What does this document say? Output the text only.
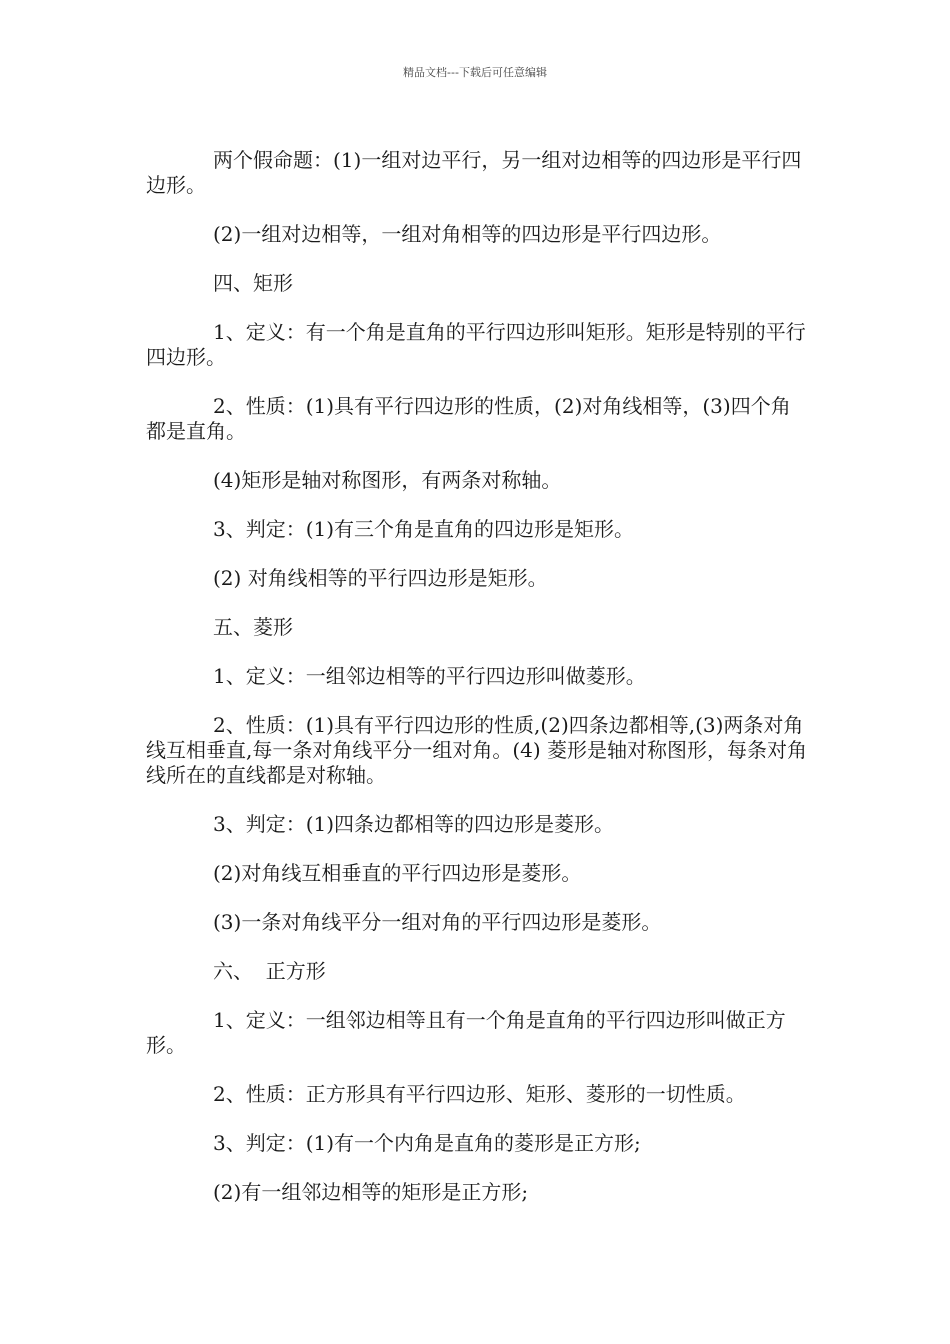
精品文档---下载后可任意编辑

两个假命题：(1)一组对边平行，另一组对边相等的四边形是平行四边形。

(2)一组对边相等，一组对角相等的四边形是平行四边形。

四、矩形

1、定义：有一个角是直角的平行四边形叫矩形。矩形是特别的平行四边形。

2、性质：(1)具有平行四边形的性质，(2)对角线相等，(3)四个角都是直角。

(4)矩形是轴对称图形，有两条对称轴。

3、判定：(1)有三个角是直角的四边形是矩形。

(2) 对角线相等的平行四边形是矩形。

五、菱形

1、定义：一组邻边相等的平行四边形叫做菱形。

2、性质：(1)具有平行四边形的性质,(2)四条边都相等,(3)两条对角线互相垂直,每一条对角线平分一组对角。(4) 菱形是轴对称图形，每条对角线所在的直线都是对称轴。

3、判定：(1)四条边都相等的四边形是菱形。

(2)对角线互相垂直的平行四边形是菱形。

(3)一条对角线平分一组对角的平行四边形是菱形。

六、  正方形

1、定义：一组邻边相等且有一个角是直角的平行四边形叫做正方形。

2、性质：正方形具有平行四边形、矩形、菱形的一切性质。

3、判定：(1)有一个内角是直角的菱形是正方形;

(2)有一组邻边相等的矩形是正方形;
